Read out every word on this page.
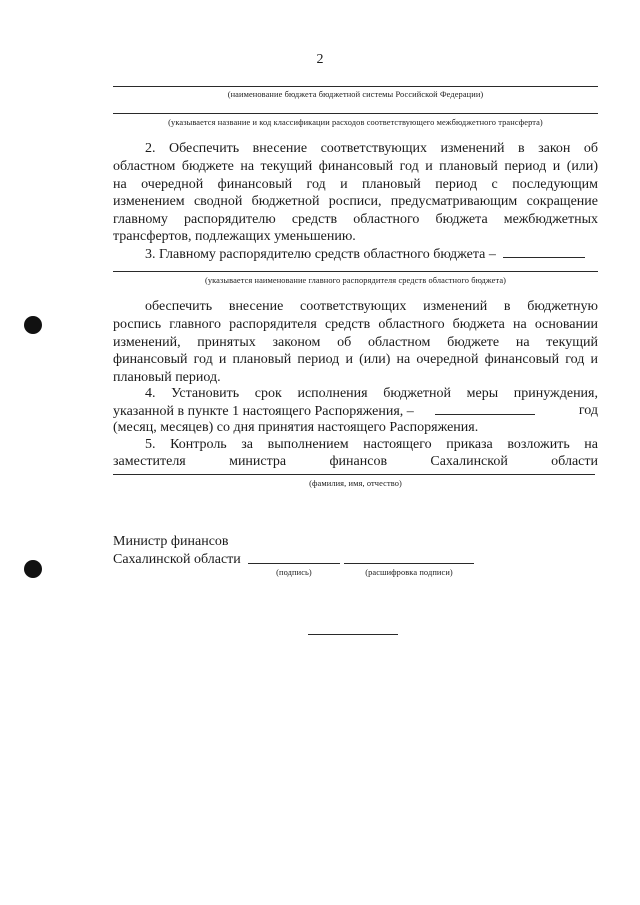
2
(наименование бюджета бюджетной системы Российской Федерации)
(указывается название и код классификации расходов соответствующего межбюджетного трансферта)
2. Обеспечить внесение соответствующих изменений в закон об
областном бюджете на текущий финансовый год и плановый период и (или)
на очередной финансовый год и плановый период с последующим
изменением сводной бюджетной росписи, предусматривающим сокращение
главному распорядителю средств областного бюджета межбюджетных
трансфертов, подлежащих уменьшению.
3. Главному распорядителю средств областного бюджета –
(указывается наименование главного распорядителя средств областного бюджета)
обеспечить внесение соответствующих изменений в бюджетную
роспись главного распорядителя средств областного бюджета на основании
изменений, принятых законом об областном бюджете на текущий
финансовый год и плановый период и (или) на очередной финансовый год и
плановый период.
4. Установить срок исполнения бюджетной меры принуждения,
указанной в пункте 1 настоящего Распоряжения, –	год
(месяц, месяцев) со дня принятия настоящего Распоряжения.
5. Контроль за выполнением настоящего приказа возложить на
заместителя министра финансов Сахалинской области
(фамилия, имя, отчество)
Министр финансов
Сахалинской области
(подпись)	(расшифровка подписи)
